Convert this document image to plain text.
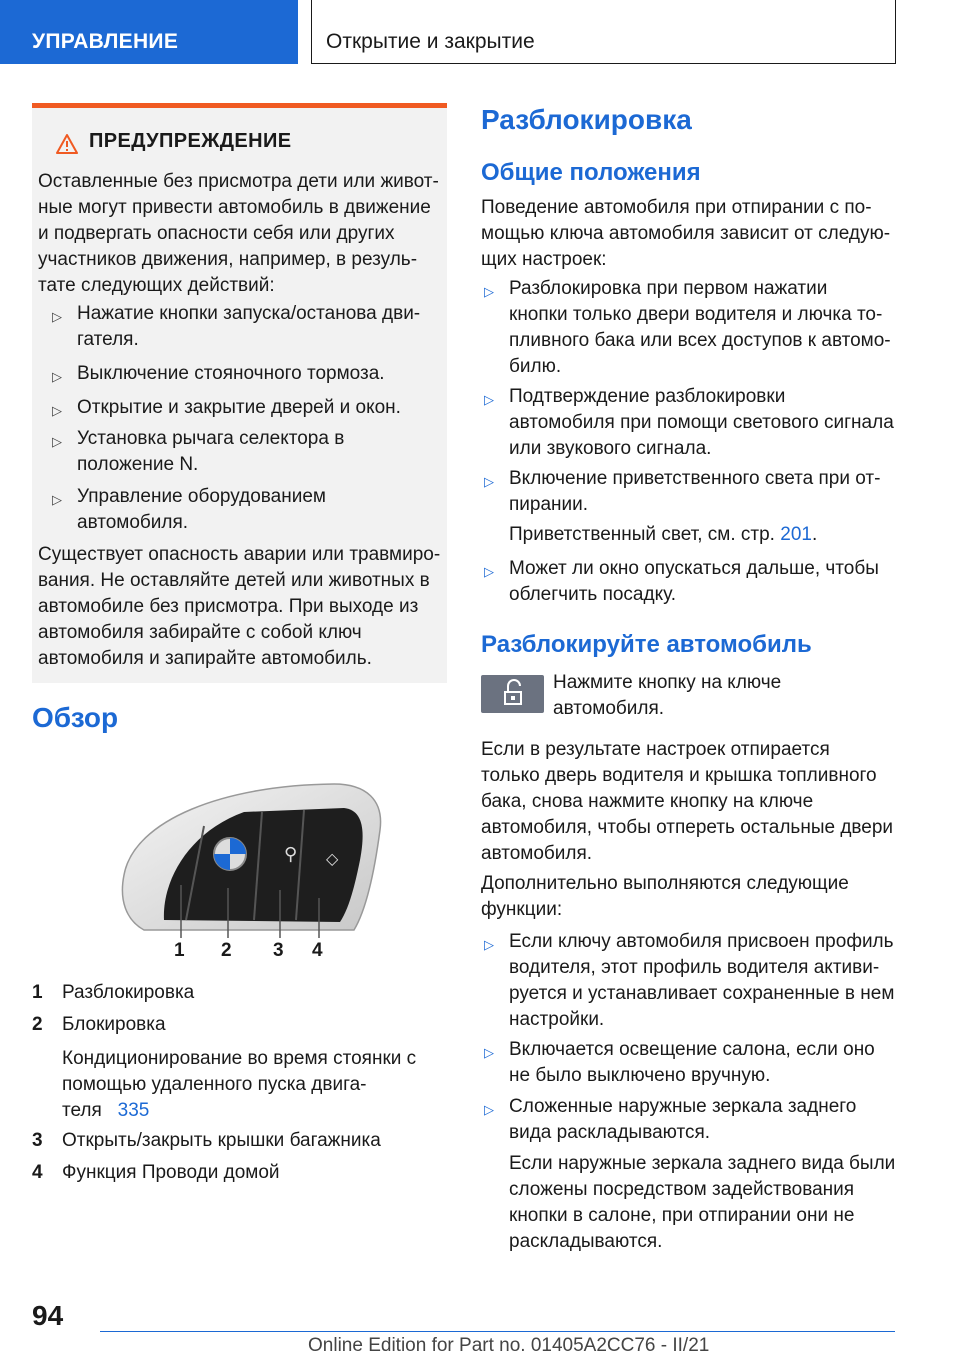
УПРАВЛЕНИЕ	Открытие и закрытие
ПРЕДУПРЕЖДЕНИЕ
Оставленные без присмотра дети или живот-
ные могут привести автомобиль в движение
и подвергать опасности себя или других
участников движения, например, в резуль-
тате следующих действий:
▷ Нажатие кнопки запуска/останова дви-
гателя.
▷ Выключение стояночного тормоза.
▷ Открытие и закрытие дверей и окон.
▷ Установка рычага селектора в
положение N.
▷ Управление оборудованием
автомобиля.
Существует опасность аварии или травмиро-
вания. Не оставляйте детей или животных в
автомобиле без присмотра. При выходе из
автомобиля забирайте с собой ключ
автомобиля и запирайте автомобиль.
Обзор
⚲ ◇
1 2 3 4
1 Разблокировка
2 Блокировка
Кондиционирование во время стоянки с
помощью удаленного пуска двига-
теля 335
3 Открыть/закрыть крышки багажника
4 Функция Проводи домой
Разблокировка
Общие положения
Поведение автомобиля при отпирании с по-
мощью ключа автомобиля зависит от следую-
щих настроек:
▷ Разблокировка при первом нажатии
кнопки только двери водителя и лючка то-
пливного бака или всех доступов к автомо-
билю.
▷ Подтверждение разблокировки
автомобиля при помощи светового сигнала
или звукового сигнала.
▷ Включение приветственного света при от-
пирании.
Приветственный свет, см. стр. 201.
▷ Может ли окно опускаться дальше, чтобы
облегчить посадку.
Разблокируйте автомобиль
Нажмите кнопку на ключе
автомобиля.
Если в результате настроек отпирается
только дверь водителя и крышка топливного
бака, снова нажмите кнопку на ключе
автомобиля, чтобы отпереть остальные двери
автомобиля.
Дополнительно выполняются следующие
функции:
▷ Если ключу автомобиля присвоен профиль
водителя, этот профиль водителя активи-
руется и устанавливает сохраненные в нем
настройки.
▷ Включается освещение салона, если оно
не было выключено вручную.
▷ Сложенные наружные зеркала заднего
вида раскладываются.
Если наружные зеркала заднего вида были
сложены посредством задействования
кнопки в салоне, при отпирании они не
раскладываются.
94
Online Edition for Part no. 01405A2CC76 - II/21
